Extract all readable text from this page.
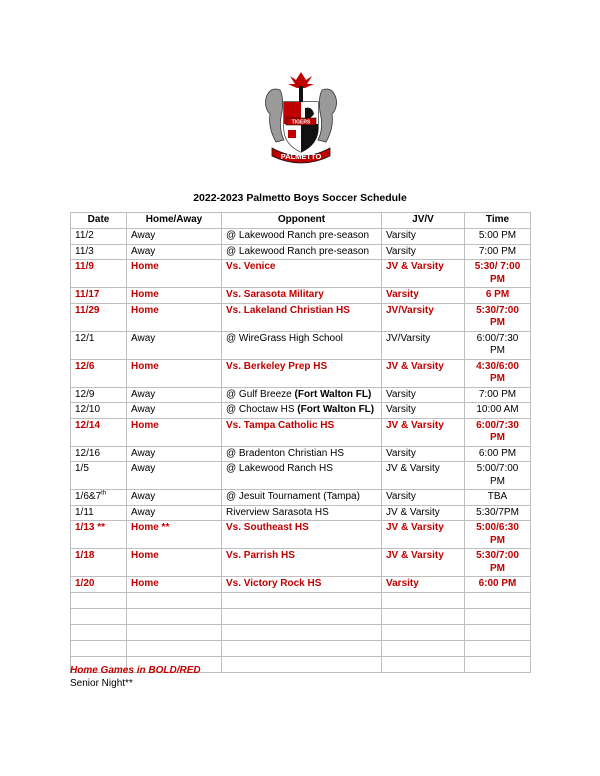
TIGERS
PALMETTO
2022-2023 Palmetto Boys Soccer Schedule
Date	Home/Away	Opponent	JV/V	Time
11/2	Away	@ Lakewood Ranch pre-season	Varsity	5:00 PM
11/3	Away	@ Lakewood Ranch pre-season	Varsity	7:00 PM
11/9	Home	Vs. Venice	JV & Varsity	5:30/ 7:00 PM
11/17	Home	Vs. Sarasota Military	Varsity	6 PM
11/29	Home	Vs. Lakeland Christian HS	JV/Varsity	5:30/7:00 PM
12/1	Away	@ WireGrass High School	JV/Varsity	6:00/7:30 PM
12/6	Home	Vs. Berkeley Prep HS	JV & Varsity	4:30/6:00 PM
12/9	Away	@ Gulf Breeze (Fort Walton FL)	Varsity	7:00 PM
12/10	Away	@ Choctaw HS (Fort Walton FL)	Varsity	10:00 AM
12/14	Home	Vs. Tampa Catholic HS	JV & Varsity	6:00/7:30 PM
12/16	Away	@ Bradenton Christian HS	Varsity	6:00 PM
1/5	Away	@ Lakewood Ranch HS	JV & Varsity	5:00/7:00 PM
1/6&7th	Away	@ Jesuit Tournament (Tampa)	Varsity	TBA
1/11	Away	Riverview Sarasota HS	JV & Varsity	5:30/7PM
1/13 **	Home **	Vs. Southeast HS	JV & Varsity	5:00/6:30 PM
1/18	Home	Vs. Parrish HS	JV & Varsity	5:30/7:00 PM
1/20	Home	Vs. Victory Rock HS	Varsity	6:00 PM

Home Games in BOLD/RED
Senior Night**
